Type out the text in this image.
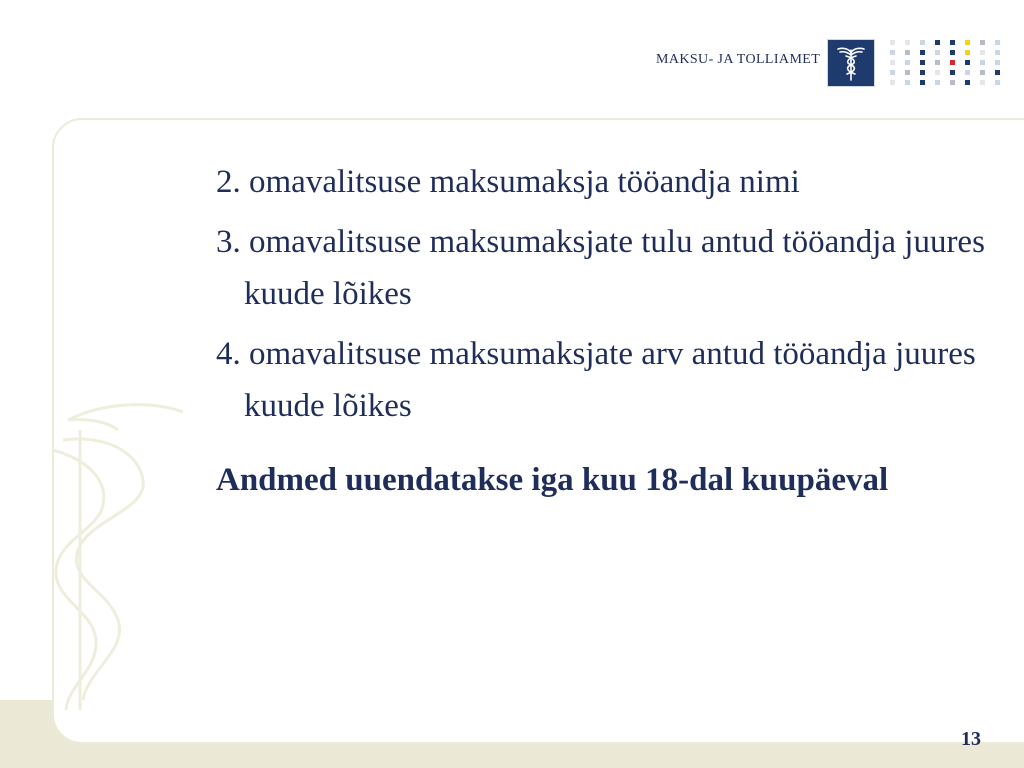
MAKSU- JA TOLLIAMET

2. omavalitsuse maksumaksja tööandja nimi

3. omavalitsuse maksumaksjate tulu antud tööandja juures kuude lõikes

4. omavalitsuse maksumaksjate arv antud tööandja juures kuude lõikes

Andmed uuendatakse iga kuu 18-dal kuupäeval

13
